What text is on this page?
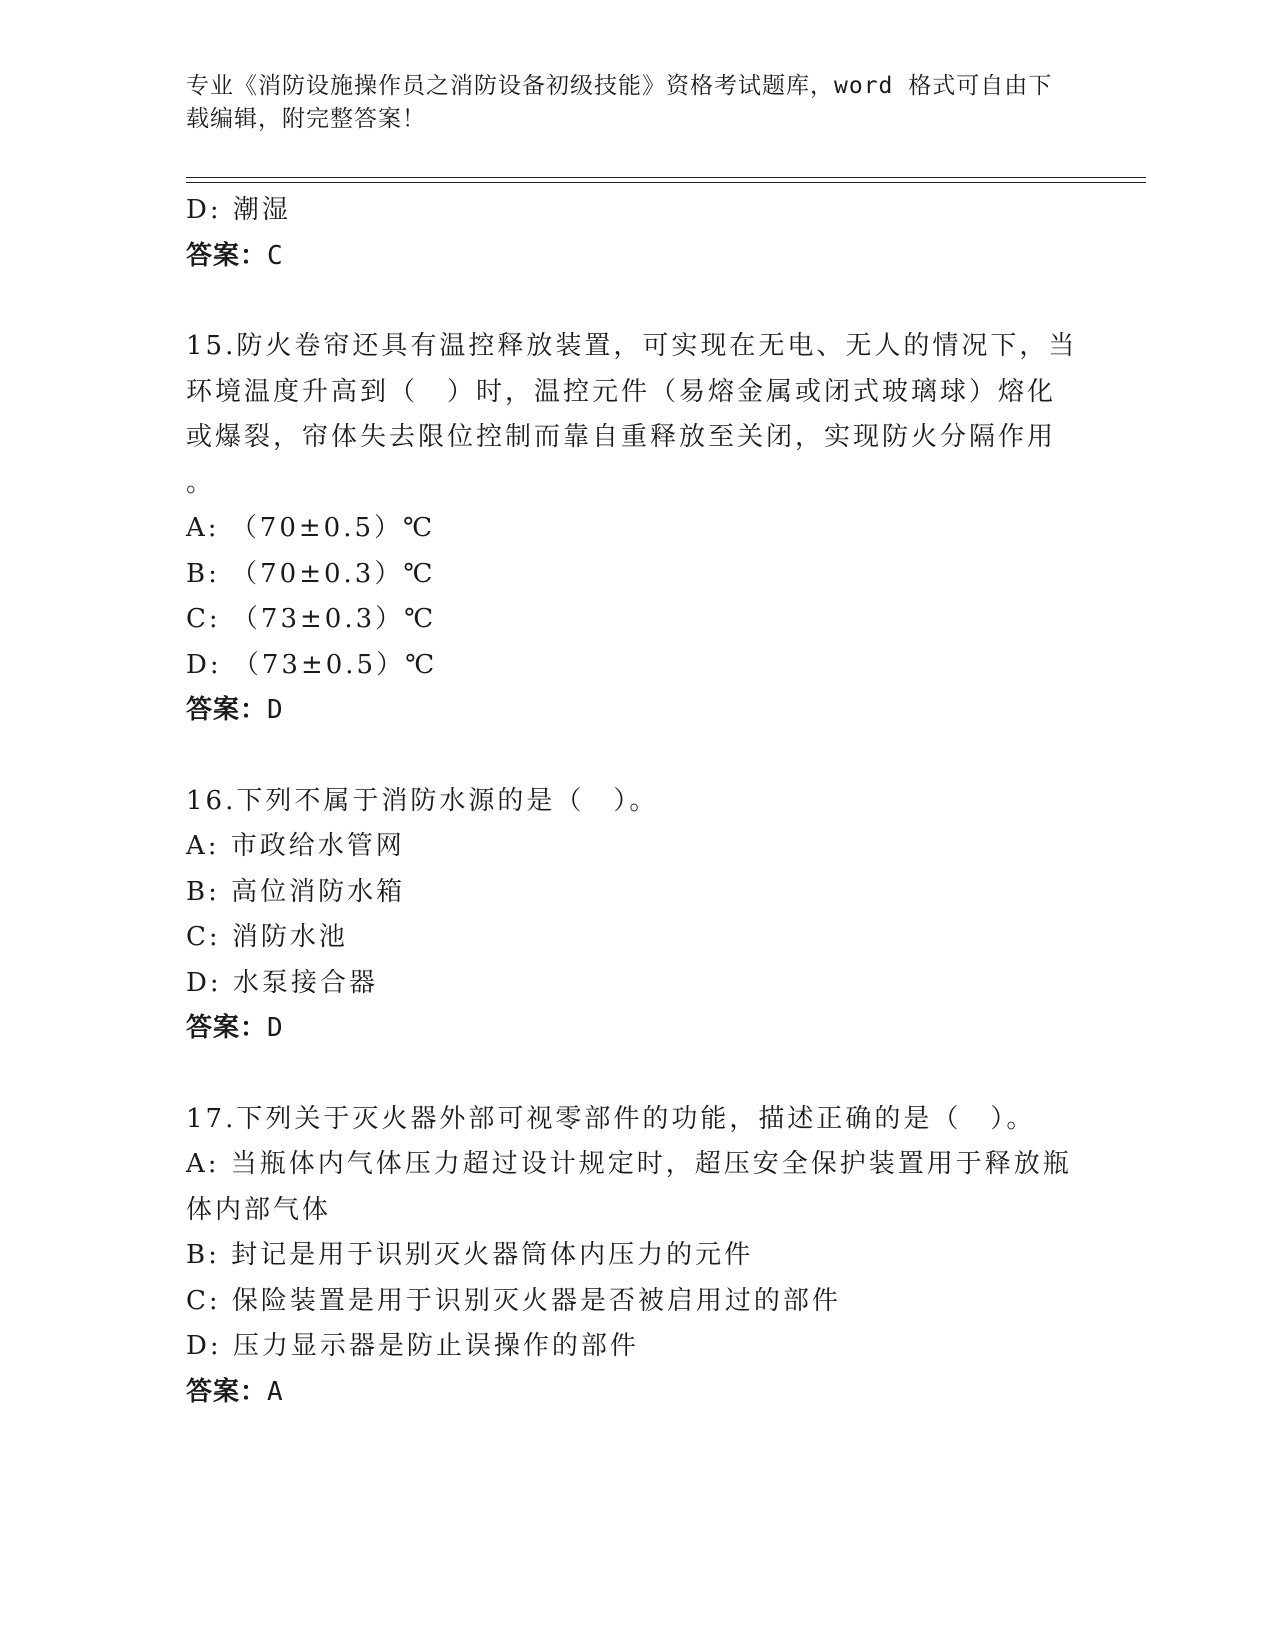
专业《消防设施操作员之消防设备初级技能》资格考试题库，word 格式可自由下
载编辑，附完整答案！
D: 潮湿
答案：C
15.防火卷帘还具有温控释放装置，可实现在无电、无人的情况下，当
环境温度升高到（　）时，温控元件（易熔金属或闭式玻璃球）熔化
或爆裂，帘体失去限位控制而靠自重释放至关闭，实现防火分隔作用
。
A: （70±0.5）℃
B: （70±0.3）℃
C: （73±0.3）℃
D: （73±0.5）℃
答案：D
16.下列不属于消防水源的是（　）。
A: 市政给水管网
B: 高位消防水箱
C: 消防水池
D: 水泵接合器
答案：D
17.下列关于灭火器外部可视零部件的功能，描述正确的是（　）。
A: 当瓶体内气体压力超过设计规定时，超压安全保护装置用于释放瓶
体内部气体
B: 封记是用于识别灭火器筒体内压力的元件
C: 保险装置是用于识别灭火器是否被启用过的部件
D: 压力显示器是防止误操作的部件
答案：A
